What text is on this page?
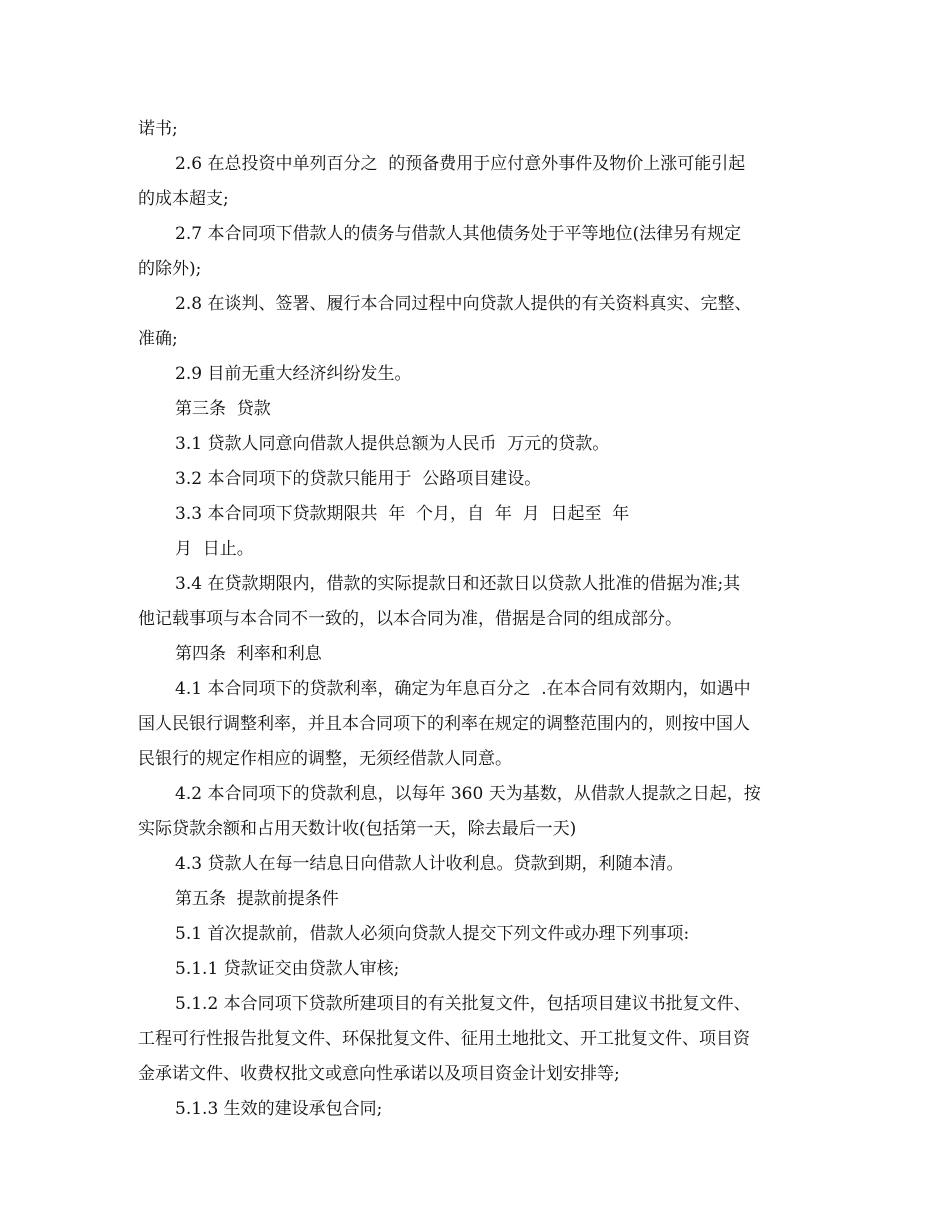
诺书;
2.6 在总投资中单列百分之  的预备费用于应付意外事件及物价上涨可能引起
的成本超支;
2.7 本合同项下借款人的债务与借款人其他债务处于平等地位(法律另有规定
的除外);
2.8 在谈判、签署、履行本合同过程中向贷款人提供的有关资料真实、完整、
准确;
2.9 目前无重大经济纠纷发生。
第三条  贷款
3.1 贷款人同意向借款人提供总额为人民币  万元的贷款。
3.2 本合同项下的贷款只能用于  公路项目建设。
3.3 本合同项下贷款期限共  年  个月，自  年  月  日起至  年
月  日止。
3.4 在贷款期限内，借款的实际提款日和还款日以贷款人批准的借据为准;其
他记载事项与本合同不一致的，以本合同为准，借据是合同的组成部分。
第四条  利率和利息
4.1 本合同项下的贷款利率，确定为年息百分之  .在本合同有效期内，如遇中
国人民银行调整利率，并且本合同项下的利率在规定的调整范围内的，则按中国人
民银行的规定作相应的调整，无须经借款人同意。
4.2 本合同项下的贷款利息，以每年 360 天为基数，从借款人提款之日起，按
实际贷款余额和占用天数计收(包括第一天，除去最后一天)
4.3 贷款人在每一结息日向借款人计收利息。贷款到期，利随本清。
第五条  提款前提条件
5.1 首次提款前，借款人必须向贷款人提交下列文件或办理下列事项:
5.1.1 贷款证交由贷款人审核;
5.1.2 本合同项下贷款所建项目的有关批复文件，包括项目建议书批复文件、
工程可行性报告批复文件、环保批复文件、征用土地批文、开工批复文件、项目资
金承诺文件、收费权批文或意向性承诺以及项目资金计划安排等;
5.1.3 生效的建设承包合同;
